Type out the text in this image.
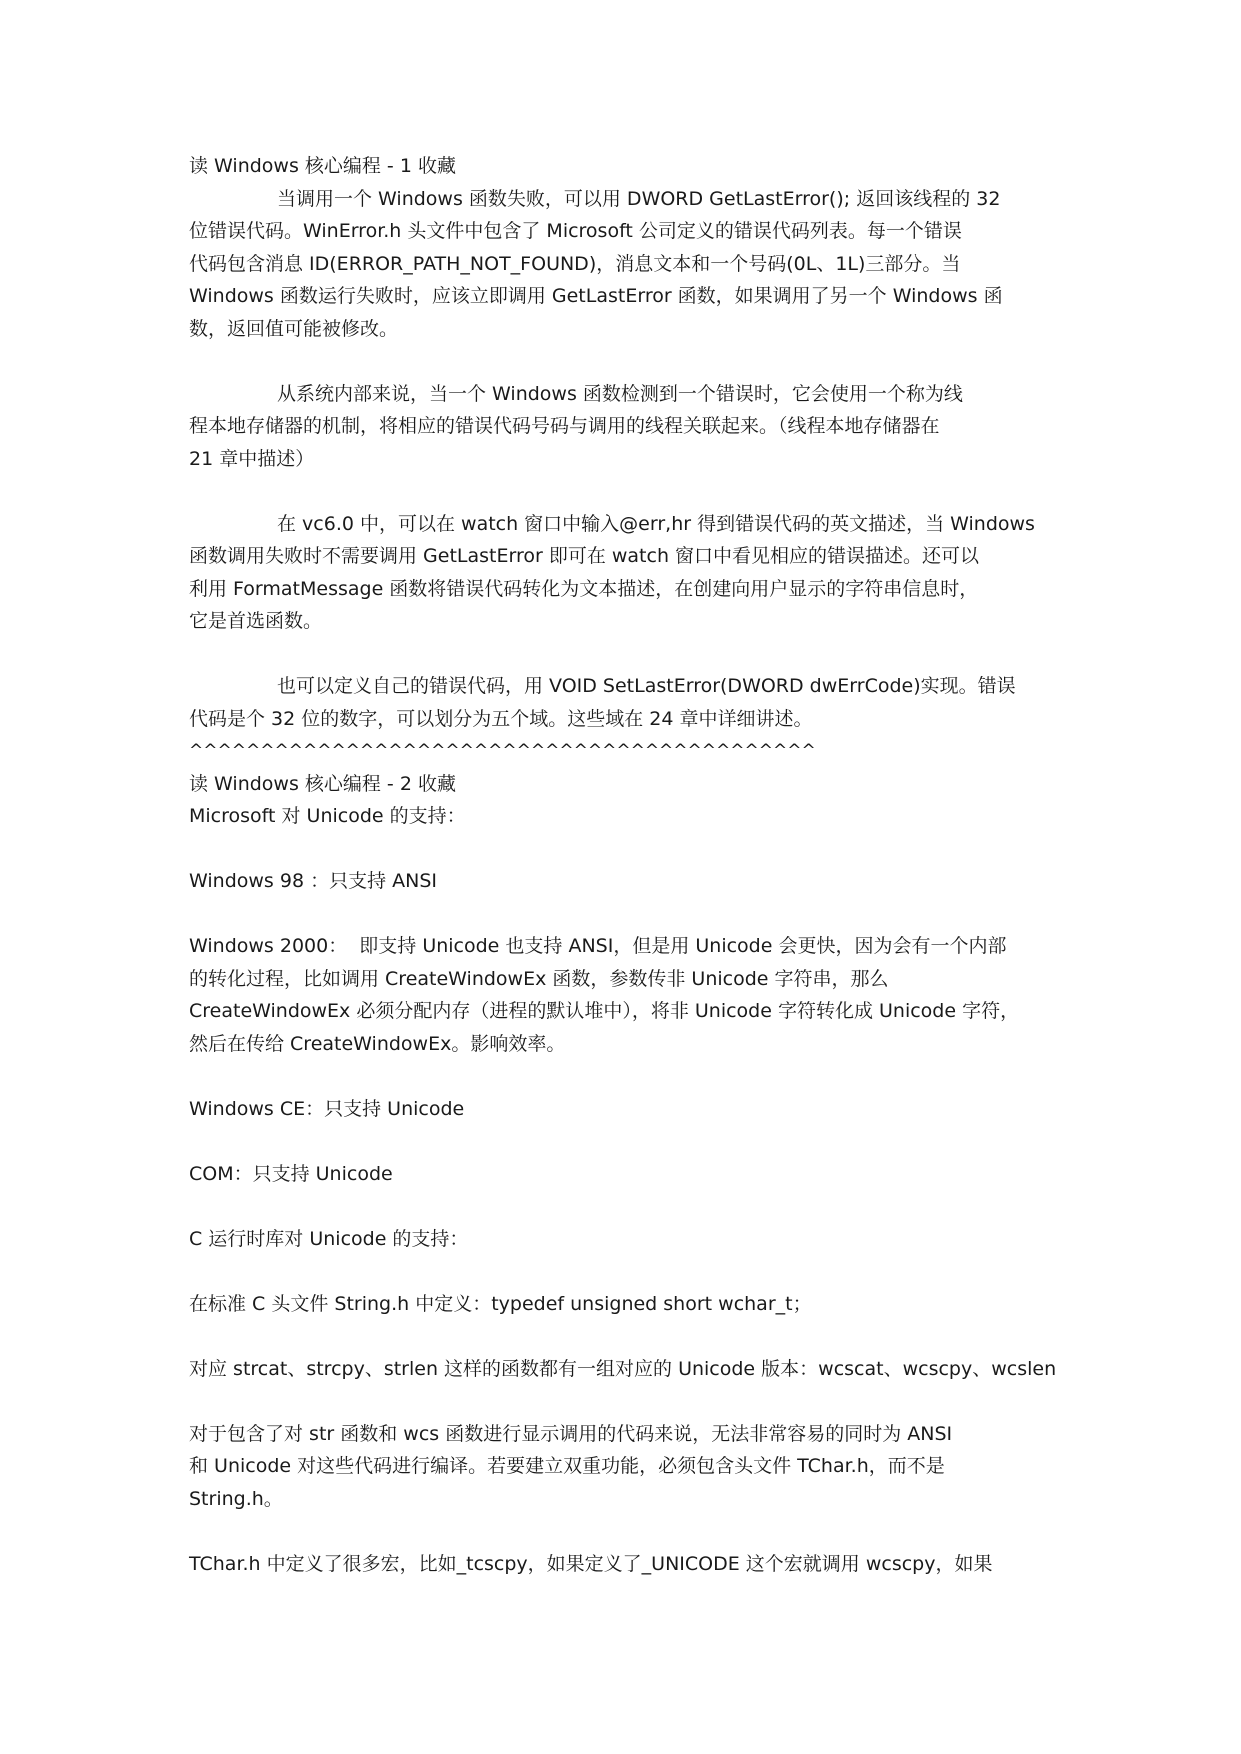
读 Windows 核心编程 - 1 收藏
当调用一个 Windows 函数失败，可以用 DWORD GetLastError(); 返回该线程的 32
位错误代码。WinError.h 头文件中包含了 Microsoft 公司定义的错误代码列表。每一个错误
代码包含消息 ID(ERROR_PATH_NOT_FOUND)，消息文本和一个号码(0L、1L)三部分。当
Windows 函数运行失败时，应该立即调用 GetLastError 函数，如果调用了另一个 Windows 函
数，返回值可能被修改。
从系统内部来说，当一个 Windows 函数检测到一个错误时，它会使用一个称为线
程本地存储器的机制，将相应的错误代码号码与调用的线程关联起来。（线程本地存储器在
21 章中描述）
在 vc6.0 中，可以在 watch 窗口中输入@err,hr 得到错误代码的英文描述，当 Windows
函数调用失败时不需要调用 GetLastError 即可在 watch 窗口中看见相应的错误描述。还可以
利用 FormatMessage 函数将错误代码转化为文本描述，在创建向用户显示的字符串信息时，
它是首选函数。
也可以定义自己的错误代码，用 VOID SetLastError(DWORD dwErrCode)实现。错误
代码是个 32 位的数字，可以划分为五个域。这些域在 24 章中详细讲述。
^^^^^^^^^^^^^^^^^^^^^^^^^^^^^^^^^^^^^^^^^^^^
读 Windows 核心编程 - 2 收藏
Microsoft 对 Unicode 的支持：
Windows 98 ：只支持 ANSI
Windows 2000：  即支持 Unicode 也支持 ANSI，但是用 Unicode 会更快，因为会有一个内部
的转化过程，比如调用 CreateWindowEx 函数，参数传非 Unicode 字符串，那么
CreateWindowEx 必须分配内存（进程的默认堆中），将非 Unicode 字符转化成 Unicode 字符，
然后在传给 CreateWindowEx。影响效率。
Windows CE：只支持 Unicode
COM：只支持 Unicode
C 运行时库对 Unicode 的支持：
在标准 C 头文件 String.h 中定义：typedef unsigned short wchar_t；
对应 strcat、strcpy、strlen 这样的函数都有一组对应的 Unicode 版本：wcscat、wcscpy、wcslen
对于包含了对 str 函数和 wcs 函数进行显示调用的代码来说，无法非常容易的同时为 ANSI
和 Unicode 对这些代码进行编译。若要建立双重功能，必须包含头文件 TChar.h，而不是
String.h。
TChar.h 中定义了很多宏，比如_tcscpy，如果定义了_UNICODE 这个宏就调用 wcscpy，如果
